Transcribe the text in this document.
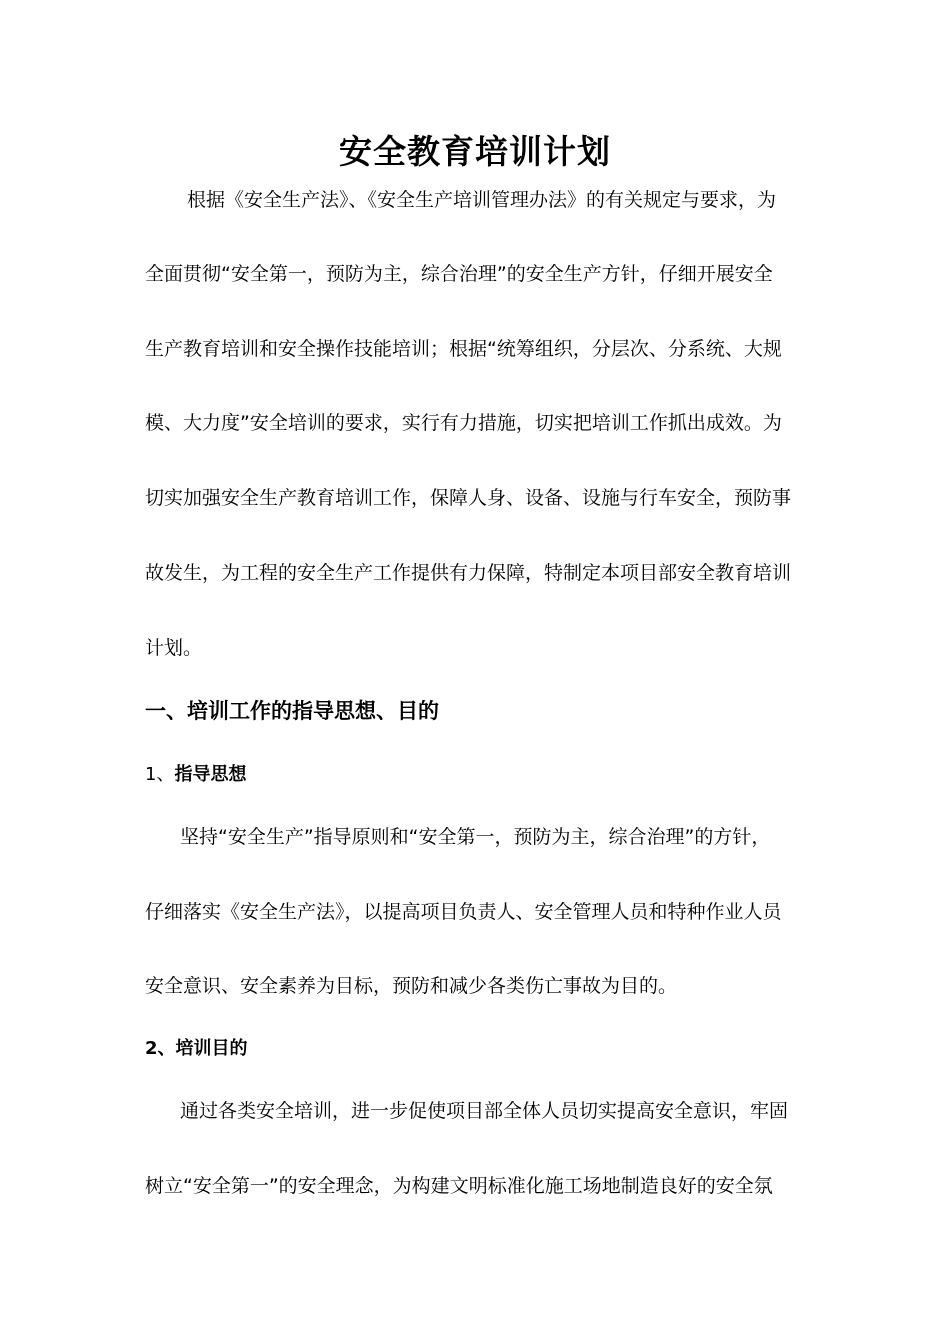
安全教育培训计划
根据《安全生产法》、《安全生产培训管理办法》的有关规定与要求，为
全面贯彻“安全第一，预防为主，综合治理”的安全生产方针，仔细开展安全
生产教育培训和安全操作技能培训；根据“统筹组织，分层次、分系统、大规
模、大力度”安全培训的要求，实行有力措施，切实把培训工作抓出成效。为
切实加强安全生产教育培训工作，保障人身、设备、设施与行车安全，预防事
故发生，为工程的安全生产工作提供有力保障，特制定本项目部安全教育培训
计划。
一、培训工作的指导思想、目的
1、指导思想
坚持“安全生产”指导原则和“安全第一，预防为主，综合治理”的方针，
仔细落实《安全生产法》，以提高项目负责人、安全管理人员和特种作业人员
安全意识、安全素养为目标，预防和减少各类伤亡事故为目的。
2、培训目的
通过各类安全培训，进一步促使项目部全体人员切实提高安全意识，牢固
树立“安全第一”的安全理念，为构建文明标准化施工场地制造良好的安全氛
